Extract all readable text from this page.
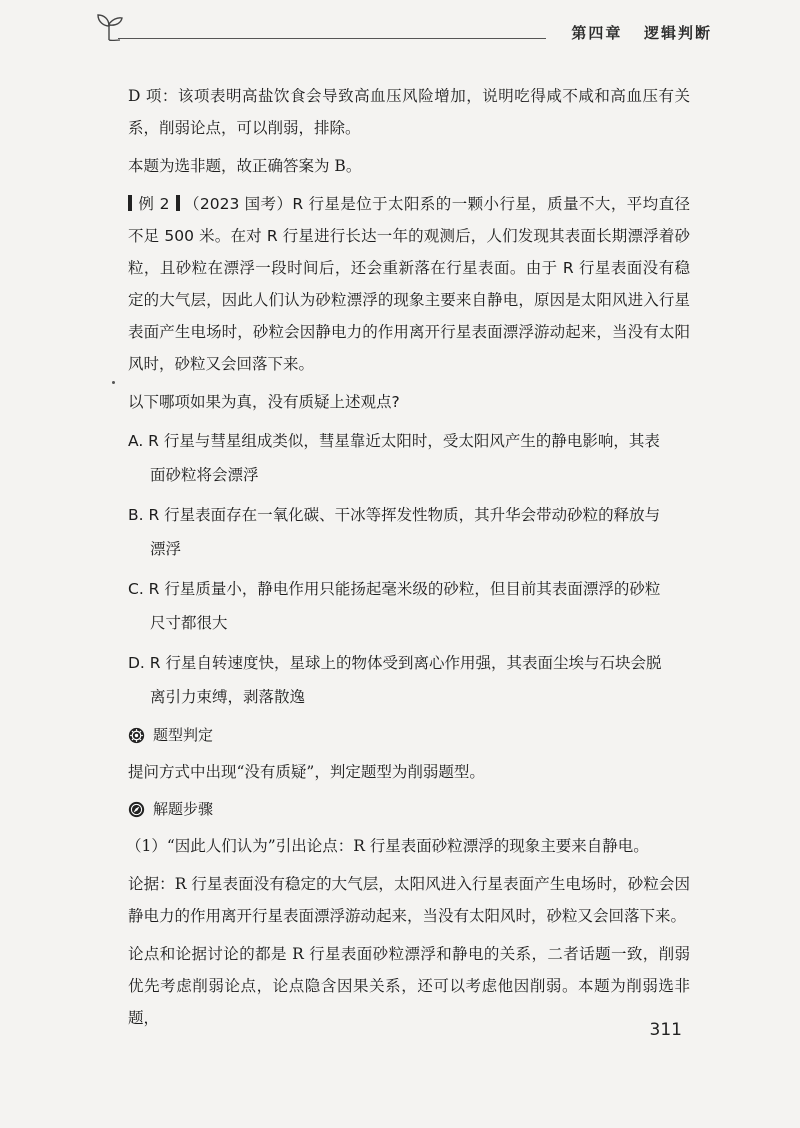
第四章   逻辑判断

D 项：该项表明高盐饮食会导致高血压风险增加，说明吃得咸不咸和高血压有关系，削弱论点，可以削弱，排除。

本题为选非题，故正确答案为 B。

例 2 （2023 国考）R 行星是位于太阳系的一颗小行星，质量不大，平均直径不足 500 米。在对 R 行星进行长达一年的观测后，人们发现其表面长期漂浮着砂粒，且砂粒在漂浮一段时间后，还会重新落在行星表面。由于 R 行星表面没有稳定的大气层，因此人们认为砂粒漂浮的现象主要来自静电，原因是太阳风进入行星表面产生电场时，砂粒会因静电力的作用离开行星表面漂浮游动起来，当没有太阳风时，砂粒又会回落下来。

以下哪项如果为真，没有质疑上述观点?

A. R 行星与彗星组成类似，彗星靠近太阳时，受太阳风产生的静电影响，其表
面砂粒将会漂浮
B. R 行星表面存在一氧化碳、干冰等挥发性物质，其升华会带动砂粒的释放与
漂浮
C. R 行星质量小，静电作用只能扬起毫米级的砂粒，但目前其表面漂浮的砂粒
尺寸都很大
D. R 行星自转速度快，星球上的物体受到离心作用强，其表面尘埃与石块会脱
离引力束缚，剥落散逸
题型判定

提问方式中出现“没有质疑”，判定题型为削弱题型。

解题步骤

（1）“因此人们认为”引出论点：R 行星表面砂粒漂浮的现象主要来自静电。

论据：R 行星表面没有稳定的大气层，太阳风进入行星表面产生电场时，砂粒会因静电力的作用离开行星表面漂浮游动起来，当没有太阳风时，砂粒又会回落下来。

论点和论据讨论的都是 R 行星表面砂粒漂浮和静电的关系，二者话题一致，削弱优先考虑削弱论点，论点隐含因果关系，还可以考虑他因削弱。本题为削弱选非题，

311
